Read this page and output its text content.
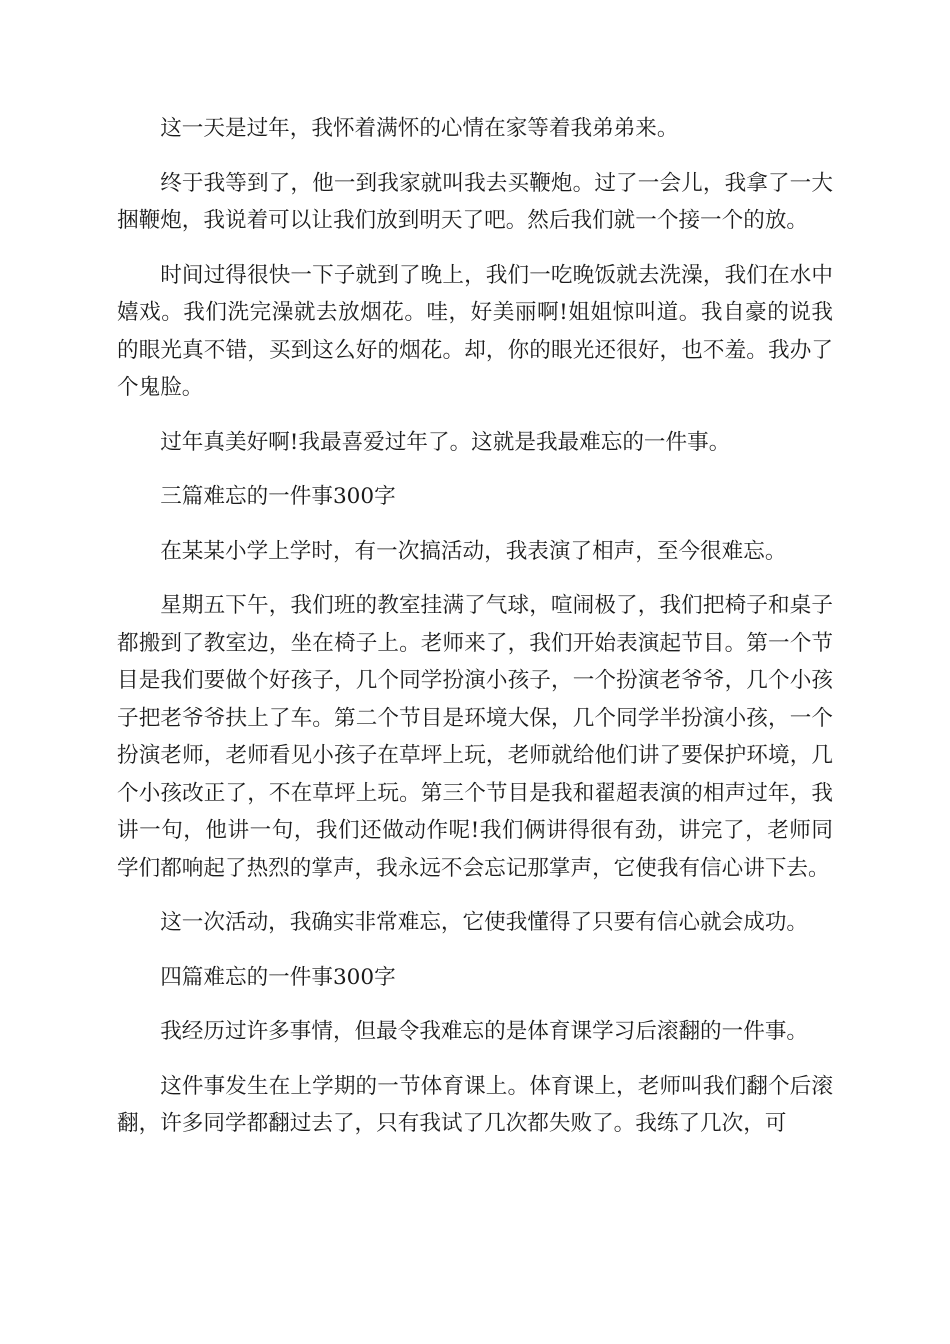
这一天是过年，我怀着满怀的心情在家等着我弟弟来。

终于我等到了，他一到我家就叫我去买鞭炮。过了一会儿，我拿了一大捆鞭炮，我说着可以让我们放到明天了吧。然后我们就一个接一个的放。

时间过得很快一下子就到了晚上，我们一吃晚饭就去洗澡，我们在水中嬉戏。我们洗完澡就去放烟花。哇，好美丽啊!姐姐惊叫道。我自豪的说我的眼光真不错，买到这么好的烟花。却，你的眼光还很好，也不羞。我办了个鬼脸。

过年真美好啊!我最喜爱过年了。这就是我最难忘的一件事。

三篇难忘的一件事300字

在某某小学上学时，有一次搞活动，我表演了相声，至今很难忘。

星期五下午，我们班的教室挂满了气球，喧闹极了，我们把椅子和桌子都搬到了教室边，坐在椅子上。老师来了，我们开始表演起节目。第一个节目是我们要做个好孩子，几个同学扮演小孩子，一个扮演老爷爷，几个小孩子把老爷爷扶上了车。第二个节目是环境大保，几个同学半扮演小孩，一个扮演老师，老师看见小孩子在草坪上玩，老师就给他们讲了要保护环境，几个小孩改正了，不在草坪上玩。第三个节目是我和翟超表演的相声过年，我讲一句，他讲一句，我们还做动作呢!我们俩讲得很有劲，讲完了，老师同学们都响起了热烈的掌声，我永远不会忘记那掌声，它使我有信心讲下去。

这一次活动，我确实非常难忘，它使我懂得了只要有信心就会成功。

四篇难忘的一件事300字

我经历过许多事情，但最令我难忘的是体育课学习后滚翻的一件事。

这件事发生在上学期的一节体育课上。体育课上，老师叫我们翻个后滚翻，许多同学都翻过去了，只有我试了几次都失败了。我练了几次，可
